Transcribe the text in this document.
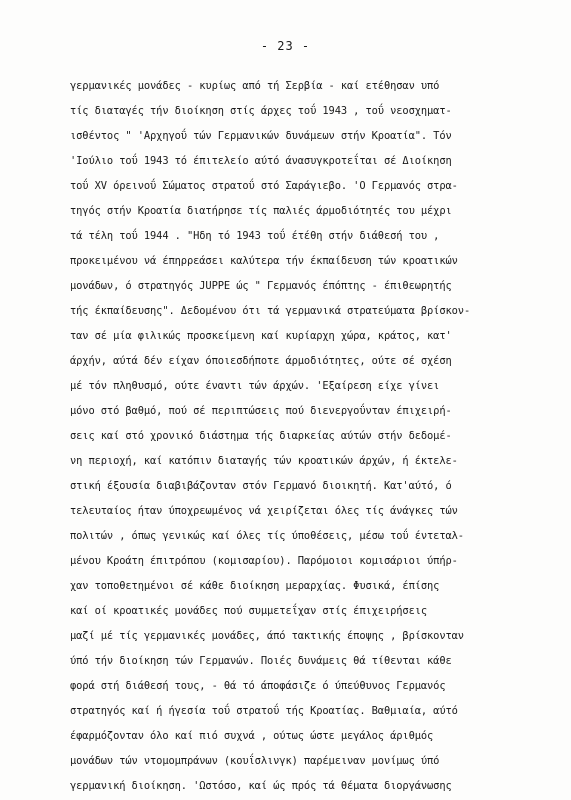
- 23 -
γερμανικές μονάδες - κυρίως από τή Σερβία - καί ετέθησαν υπό
τίς διαταγές τήν διοίκηση στίς άρχες τοΰ 1943 , τοΰ νεοσχηματ-
ισθέντος " 'Αρχηγοΰ τών Γερμανικών δυνάμεων στήν Κροατία". Τόν
'Ιούλιο τοΰ 1943 τό έπιτελείο αύτό άνασυγκροτεΐται σέ Διοίκηση
τοΰ XV όρεινοΰ Σώματος στρατοΰ στό Σαράγιεβο. 'Ο Γερμανός στρα-
τηγός στήν Κροατία διατήρησε τίς παλιές άρμοδιότητές του μέχρι
τά τέλη τοΰ 1944 . "Ηδη τό 1943 τοΰ έτέθη στήν διάθεσή του ,
προκειμένου νά έπηρρεάσει καλύτερα τήν έκπαίδευση τών κροατικών
μονάδων, ό στρατηγός JUPPE ώς " Γερμανός έπόπτης - έπιθεωρητής
τής έκπαίδευσης". Δεδομένου ότι τά γερμανικά στρατεύματα βρίσκον-
ταν σέ μία φιλικώς προσκείμενη καί κυρίαρχη χώρα, κράτος, κατ'
άρχήν, αύτά δέν είχαν όποιεσδήποτε άρμοδιότητες, ούτε σέ σχέση
μέ τόν πληθυσμό, ούτε έναντι τών άρχών. 'Εξαίρεση είχε γίνει
μόνο στό βαθμό, πού σέ περιπτώσεις πού διενεργοΰνταν έπιχειρή-
σεις καί στό χρονικό διάστημα τής διαρκείας αύτών στήν δεδομέ-
νη περιοχή, καί κατόπιν διαταγής τών κροατικών άρχών, ή έκτελε-
στική έξουσία διαβιβάζονταν στόν Γερμανό διοικητή. Κατ'αύτό, ό
τελευταίος ήταν ύποχρεωμένος νά χειρίζεται όλες τίς άνάγκες τών
πολιτών , όπως γενικώς καί όλες τίς ύποθέσεις, μέσω τοΰ έντεταλ-
μένου Κροάτη έπιτρόπου (κομισαρίου). Παρόμοιοι κομισάριοι ύπήρ-
χαν τοποθετημένοι σέ κάθε διοίκηση μεραρχίας. Φυσικά, έπίσης
καί οί κροατικές μονάδες πού συμμετεΐχαν στίς έπιχειρήσεις
μαζί μέ τίς γερμανικές μονάδες, άπό τακτικής έποψης , βρίσκονταν
ύπό τήν διοίκηση τών Γερμανών. Ποιές δυνάμεις θά τίθενται κάθε
φορά στή διάθεσή τους, - θά τό άποφάσιζε ό ύπεύθυνος Γερμανός
στρατηγός καί ή ήγεσία τοΰ στρατοΰ τής Κροατίας. Βαθμιαία, αύτό
έφαρμόζονταν όλο καί πιό συχνά , ούτως ώστε μεγάλος άριθμός
μονάδων τών ντομομπράνων (κουΐσλινγκ) παρέμειναν μονίμως ύπό
γερμανική διοίκηση. 'Ωστόσο, καί ώς πρός τά θέματα διοργάνωσης
